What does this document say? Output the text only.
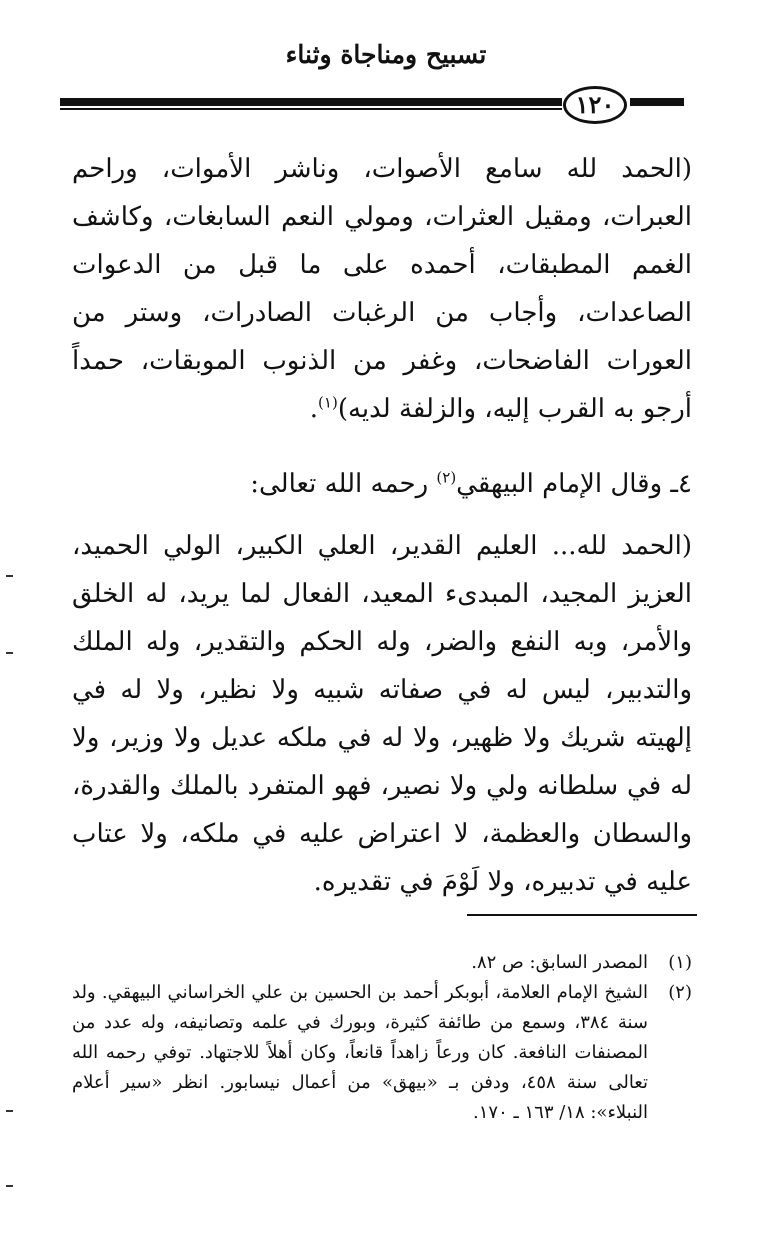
تسبيح ومناجاة وثناء
١٢٠

(الحمد لله سامع الأصوات، وناشر الأموات، وراحم العبرات، ومقيل العثرات، ومولي النعم السابغات، وكاشف الغمم المطبقات، أحمده على ما قبل من الدعوات الصاعدات، وأجاب من الرغبات الصادرات، وستر من العورات الفاضحات، وغفر من الذنوب الموبقات، حمداً أرجو به القرب إليه، والزلفة لديه)$^{(١)}$.

٤ـ وقال الإمام البيهقي$^{(٢)}$ رحمه الله تعالى:

(الحمد لله... العليم القدير، العلي الكبير، الولي الحميد، العزيز المجيد، المبدىء المعيد، الفعال لما يريد، له الخلق والأمر، وبه النفع والضر، وله الحكم والتقدير، وله الملك والتدبير، ليس له في صفاته شبيه ولا نظير، ولا له في إلهيته شريك ولا ظهير، ولا له في ملكه عديل ولا وزير، ولا له في سلطانه ولي ولا نصير، فهو المتفرد بالملك والقدرة، والسطان والعظمة، لا اعتراض عليه في ملكه، ولا عتاب عليه في تدبيره، ولا لَوْمَ في تقديره.

(١)
المصدر السابق: ص ٨٢.
(٢)
الشيخ الإمام العلامة، أبوبكر أحمد بن الحسين بن علي الخراساني البيهقي. ولد سنة ٣٨٤، وسمع من طائفة كثيرة، وبورك في علمه وتصانيفه، وله عدد من المصنفات النافعة. كان ورعاً زاهداً قانعاً، وكان أهلاً للاجتهاد. توفي رحمه الله تعالى سنة ٤٥٨، ودفن بـ «بيهق» من أعمال نيسابور. انظر «سير أعلام النبلاء»: ١٨/ ١٦٣ ـ ١٧٠.
